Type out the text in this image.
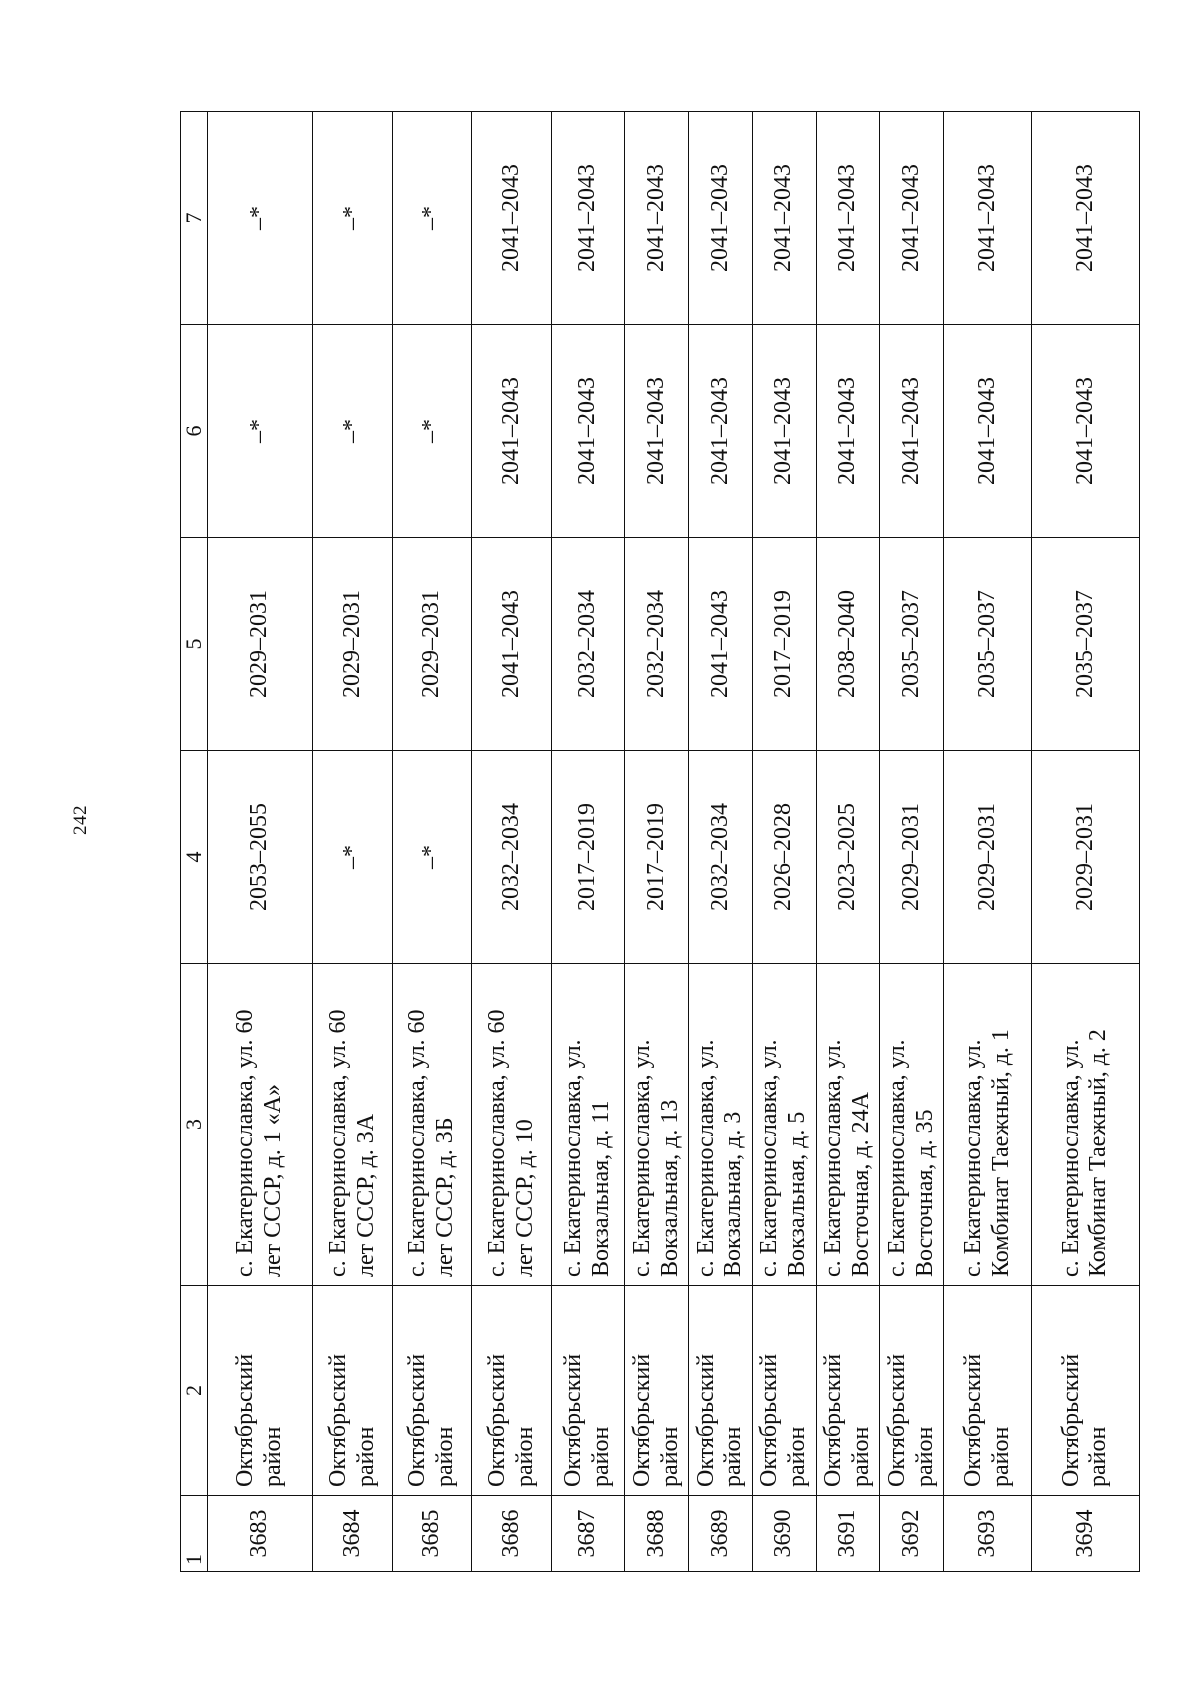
242
1	2	3	4	5	6	7
3683	Октябрьский район	с. Екатеринославка, ул. 60 лет СССР, д. 1 «А»	2053–2055	2029–2031	–*	–*
3684	Октябрьский район	с. Екатеринославка, ул. 60 лет СССР, д. 3А	–*	2029–2031	–*	–*
3685	Октябрьский район	с. Екатеринославка, ул. 60 лет СССР, д. 3Б	–*	2029–2031	–*	–*
3686	Октябрьский район	с. Екатеринославка, ул. 60 лет СССР, д. 10	2032–2034	2041–2043	2041–2043	2041–2043
3687	Октябрьский район	с. Екатеринославка, ул. Вокзальная, д. 11	2017–2019	2032–2034	2041–2043	2041–2043
3688	Октябрьский район	с. Екатеринославка, ул. Вокзальная, д. 13	2017–2019	2032–2034	2041–2043	2041–2043
3689	Октябрьский район	с. Екатеринославка, ул. Вокзальная, д. 3	2032–2034	2041–2043	2041–2043	2041–2043
3690	Октябрьский район	с. Екатеринославка, ул. Вокзальная, д. 5	2026–2028	2017–2019	2041–2043	2041–2043
3691	Октябрьский район	с. Екатеринославка, ул. Восточная, д. 24А	2023–2025	2038–2040	2041–2043	2041–2043
3692	Октябрьский район	с. Екатеринославка, ул. Восточная, д. 35	2029–2031	2035–2037	2041–2043	2041–2043
3693	Октябрьский район	с. Екатеринославка, ул. Комбинат Таежный, д. 1	2029–2031	2035–2037	2041–2043	2041–2043
3694	Октябрьский район	с. Екатеринославка, ул. Комбинат Таежный, д. 2	2029–2031	2035–2037	2041–2043	2041–2043
